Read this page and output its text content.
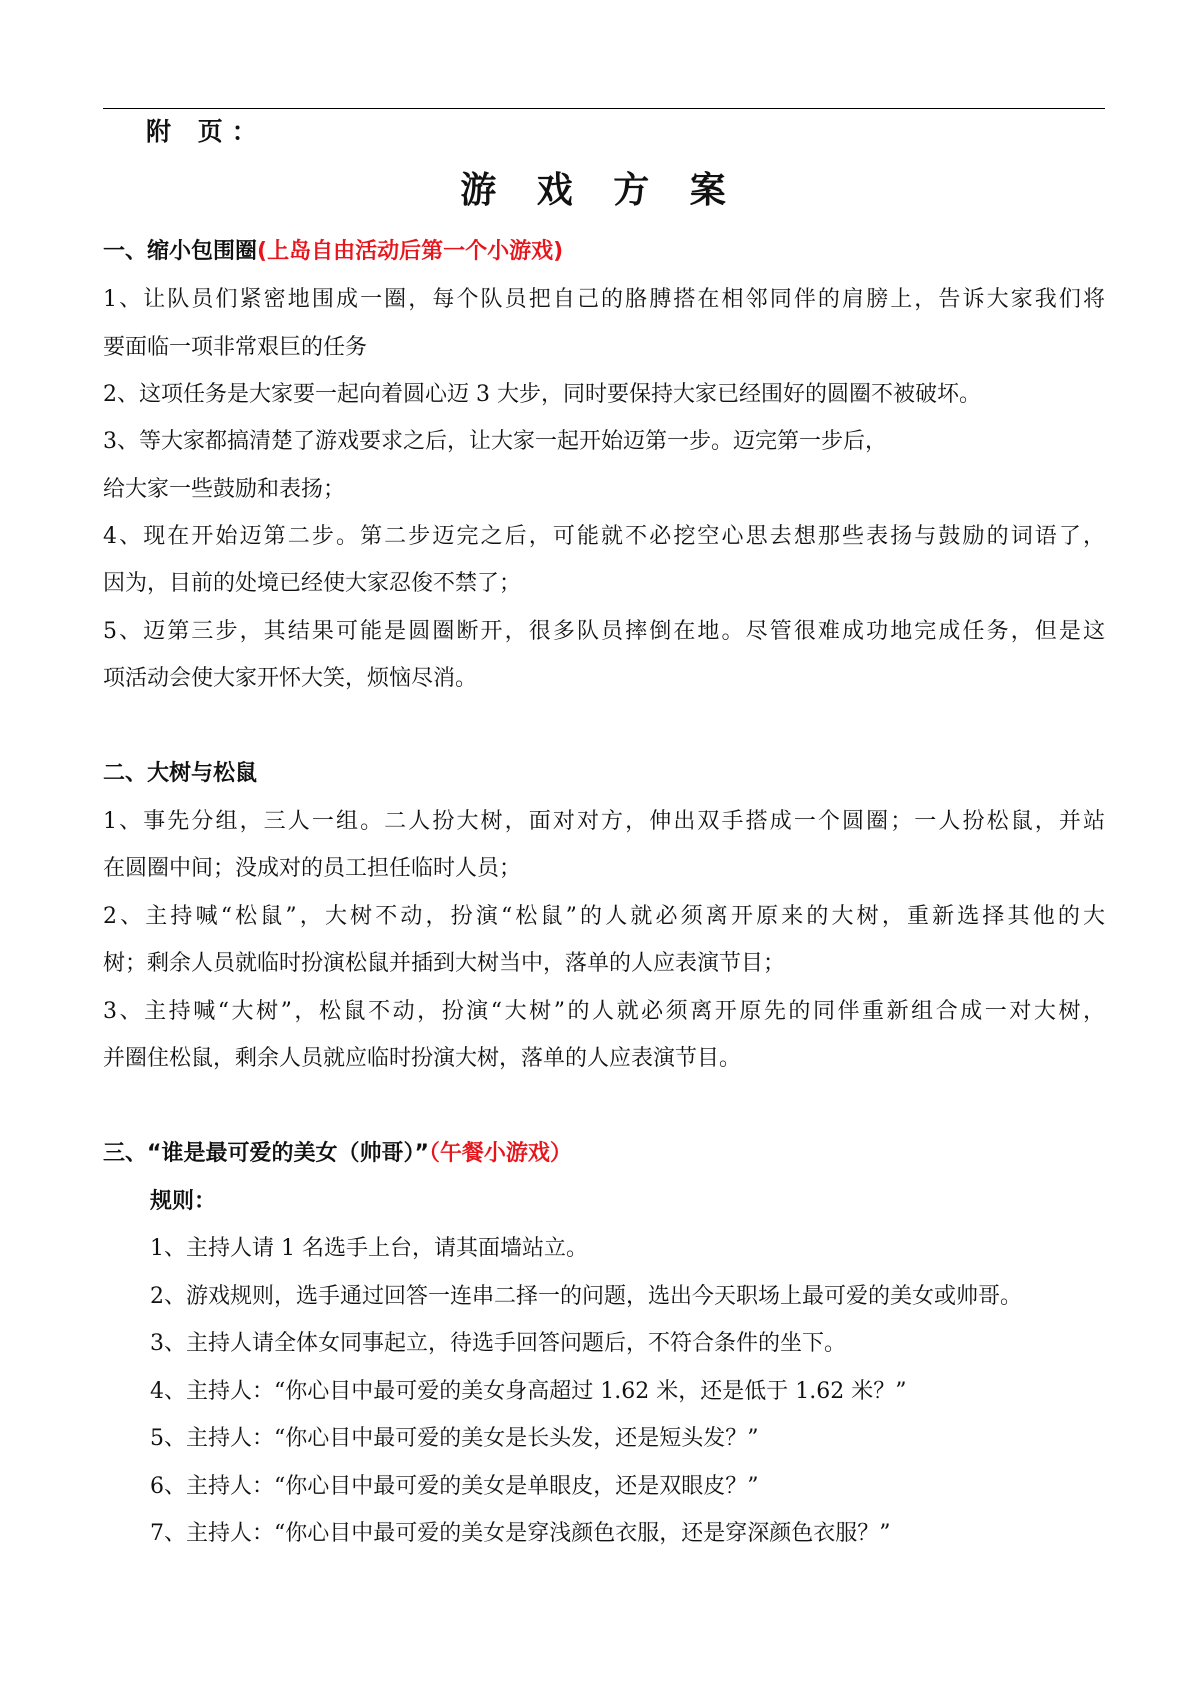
附 页：
游 戏 方 案
一、缩小包围圈(上岛自由活动后第一个小游戏)
1、让队员们紧密地围成一圈，每个队员把自己的胳膊搭在相邻同伴的肩膀上，告诉大家我们将
要面临一项非常艰巨的任务
2、这项任务是大家要一起向着圆心迈 3 大步，同时要保持大家已经围好的圆圈不被破坏。
3、等大家都搞清楚了游戏要求之后，让大家一起开始迈第一步。迈完第一步后，
给大家一些鼓励和表扬；
4、现在开始迈第二步。第二步迈完之后，可能就不必挖空心思去想那些表扬与鼓励的词语了，
因为，目前的处境已经使大家忍俊不禁了；
5、迈第三步，其结果可能是圆圈断开，很多队员摔倒在地。尽管很难成功地完成任务，但是这
项活动会使大家开怀大笑，烦恼尽消。
二、大树与松鼠
1、事先分组，三人一组。二人扮大树，面对对方，伸出双手搭成一个圆圈；一人扮松鼠，并站
在圆圈中间；没成对的员工担任临时人员；
2、主持喊“松鼠”，大树不动，扮演“松鼠”的人就必须离开原来的大树，重新选择其他的大
树；剩余人员就临时扮演松鼠并插到大树当中，落单的人应表演节目；
3、主持喊“大树”，松鼠不动，扮演“大树”的人就必须离开原先的同伴重新组合成一对大树，
并圈住松鼠，剩余人员就应临时扮演大树，落单的人应表演节目。
三、“谁是最可爱的美女（帅哥）”（午餐小游戏）
规则：
1、主持人请 1 名选手上台，请其面墙站立。
2、游戏规则，选手通过回答一连串二择一的问题，选出今天职场上最可爱的美女或帅哥。
3、主持人请全体女同事起立，待选手回答问题后，不符合条件的坐下。
4、主持人：“你心目中最可爱的美女身高超过 1.62 米，还是低于 1.62 米？”
5、主持人：“你心目中最可爱的美女是长头发，还是短头发？”
6、主持人：“你心目中最可爱的美女是单眼皮，还是双眼皮？”
7、主持人：“你心目中最可爱的美女是穿浅颜色衣服，还是穿深颜色衣服？”
